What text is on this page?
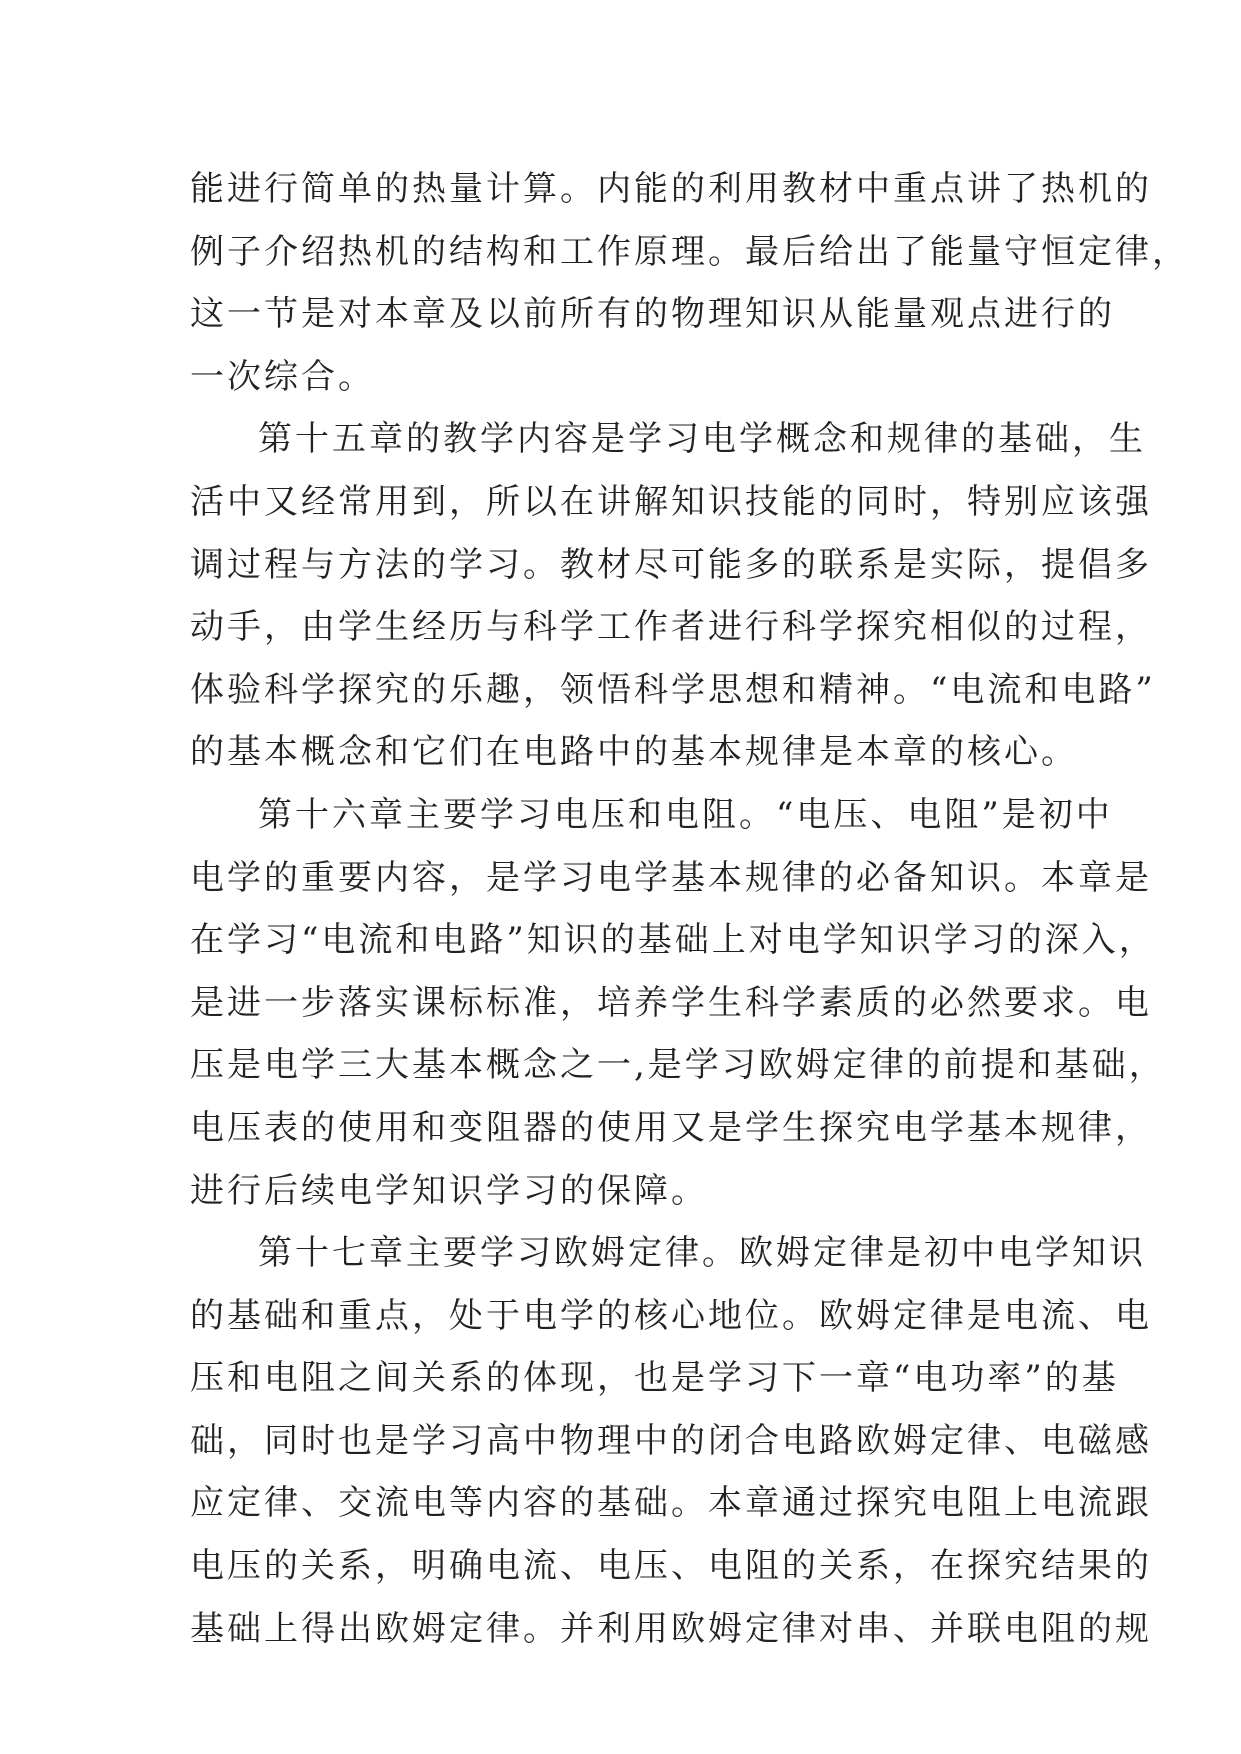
能进行简单的热量计算。内能的利用教材中重点讲了热机的
例子介绍热机的结构和工作原理。最后给出了能量守恒定律，
这一节是对本章及以前所有的物理知识从能量观点进行的
一次综合。
第十五章的教学内容是学习电学概念和规律的基础，生
活中又经常用到，所以在讲解知识技能的同时，特别应该强
调过程与方法的学习。教材尽可能多的联系是实际，提倡多
动手，由学生经历与科学工作者进行科学探究相似的过程，
体验科学探究的乐趣，领悟科学思想和精神。“电流和电路”
的基本概念和它们在电路中的基本规律是本章的核心。
第十六章主要学习电压和电阻。“电压、电阻”是初中
电学的重要内容，是学习电学基本规律的必备知识。本章是
在学习“电流和电路”知识的基础上对电学知识学习的深入，
是进一步落实课标标准，培养学生科学素质的必然要求。电
压是电学三大基本概念之一,是学习欧姆定律的前提和基础，
电压表的使用和变阻器的使用又是学生探究电学基本规律，
进行后续电学知识学习的保障。
第十七章主要学习欧姆定律。欧姆定律是初中电学知识
的基础和重点，处于电学的核心地位。欧姆定律是电流、电
压和电阻之间关系的体现，也是学习下一章“电功率”的基
础，同时也是学习高中物理中的闭合电路欧姆定律、电磁感
应定律、交流电等内容的基础。本章通过探究电阻上电流跟
电压的关系，明确电流、电压、电阻的关系，在探究结果的
基础上得出欧姆定律。并利用欧姆定律对串、并联电阻的规
